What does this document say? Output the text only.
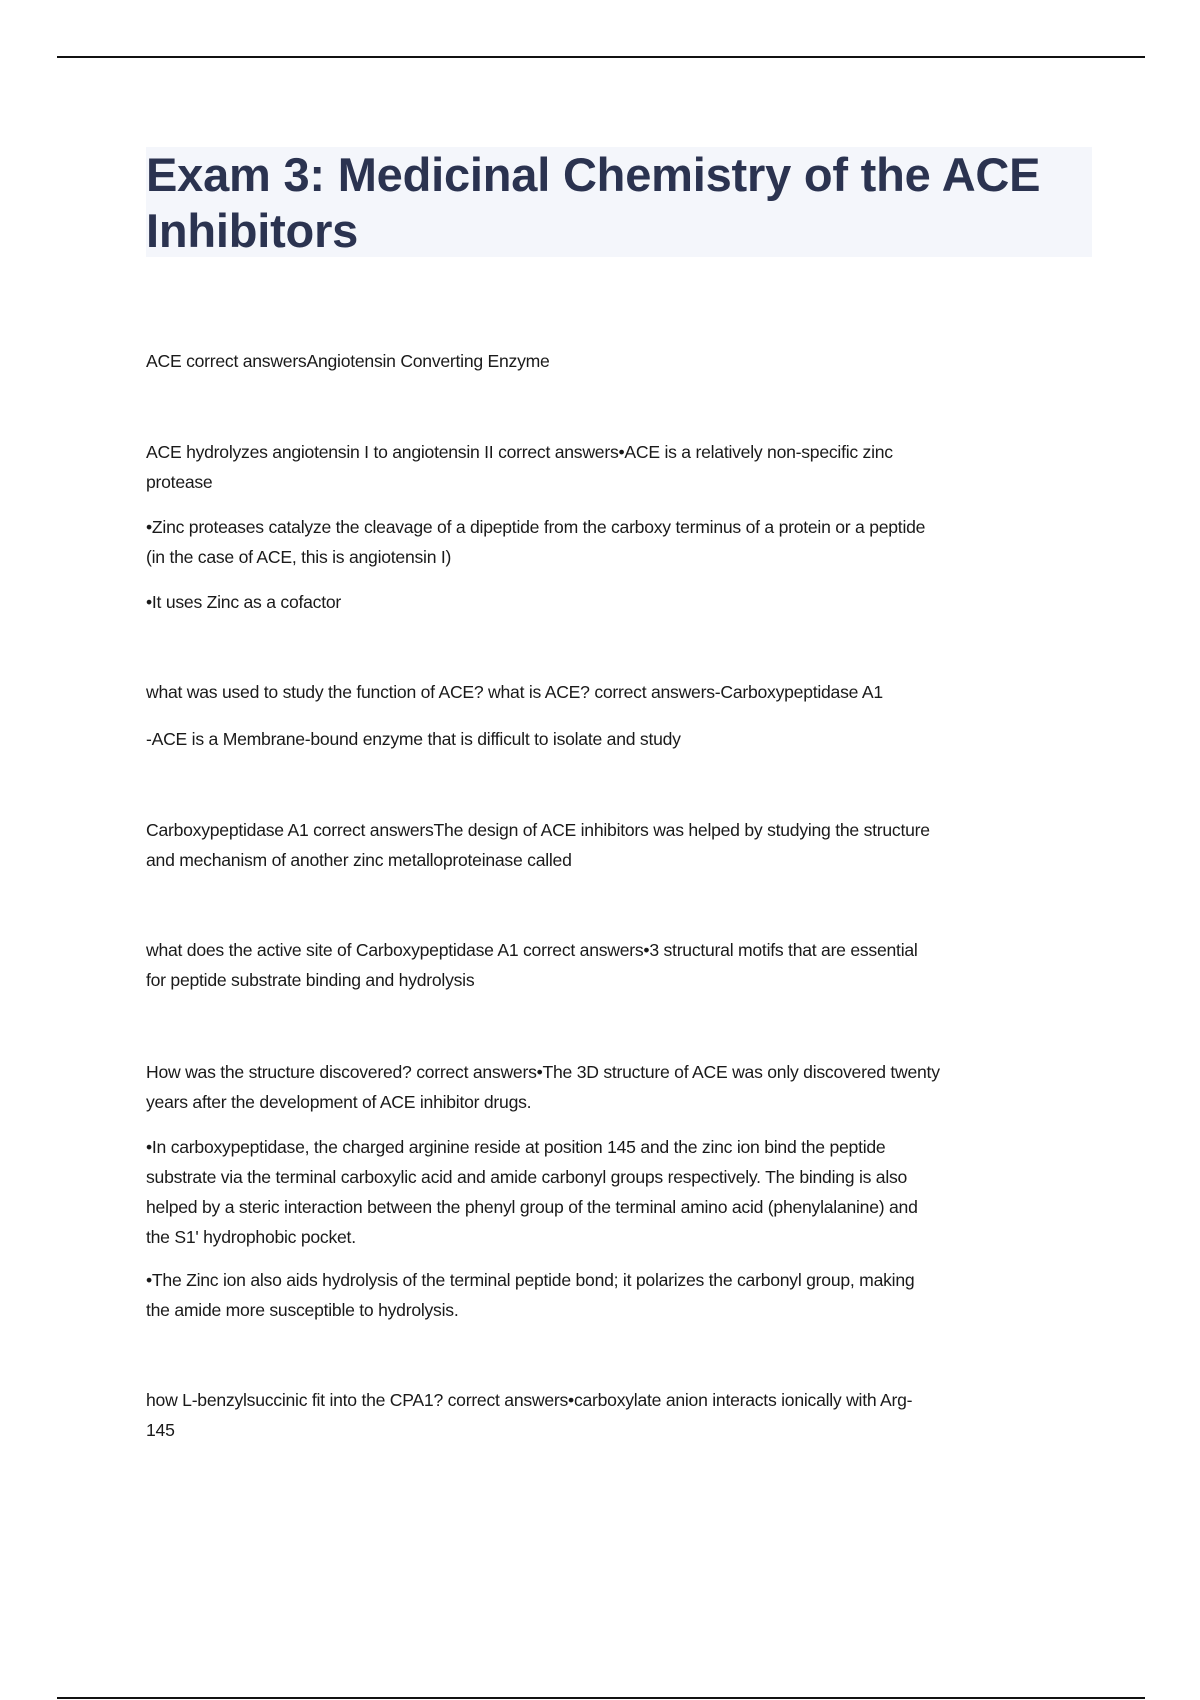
Exam 3: Medicinal Chemistry of the ACE
Inhibitors
ACE correct answersAngiotensin Converting Enzyme
ACE hydrolyzes angiotensin I to angiotensin II correct answers•ACE is a relatively non-specific zinc
protease
•Zinc proteases catalyze the cleavage of a dipeptide from the carboxy terminus of a protein or a peptide
(in the case of ACE, this is angiotensin I)
•It uses Zinc as a cofactor
what was used to study the function of ACE? what is ACE? correct answers-Carboxypeptidase A1
-ACE is a Membrane-bound enzyme that is difficult to isolate and study
Carboxypeptidase A1 correct answersThe design of ACE inhibitors was helped by studying the structure
and mechanism of another zinc metalloproteinase called
what does the active site of Carboxypeptidase A1 correct answers•3 structural motifs that are essential
for peptide substrate binding and hydrolysis
How was the structure discovered? correct answers•The 3D structure of ACE was only discovered twenty
years after the development of ACE inhibitor drugs.
•In carboxypeptidase, the charged arginine reside at position 145 and the zinc ion bind the peptide
substrate via the terminal carboxylic acid and amide carbonyl groups respectively. The binding is also
helped by a steric interaction between the phenyl group of the terminal amino acid (phenylalanine) and
the S1' hydrophobic pocket.
•The Zinc ion also aids hydrolysis of the terminal peptide bond; it polarizes the carbonyl group, making
the amide more susceptible to hydrolysis.
how L-benzylsuccinic fit into the CPA1? correct answers•carboxylate anion interacts ionically with Arg-
145
